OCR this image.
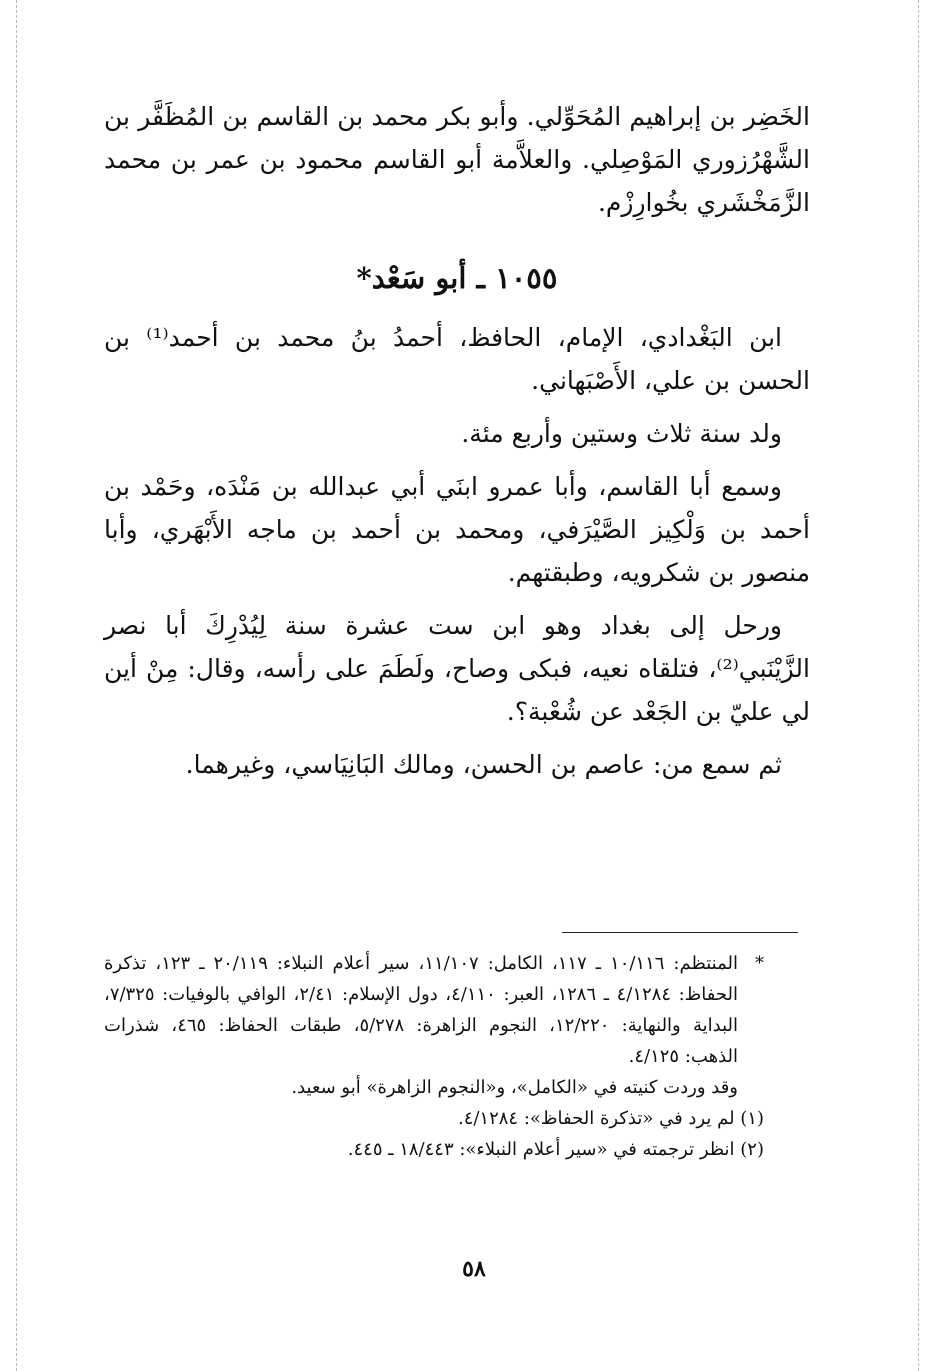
الخَضِر بن إبراهيم المُحَوِّلي. وأبو بكر محمد بن القاسم بن المُظَفَّر بن الشَّهْرُزوري المَوْصِلي. والعلاَّمة أبو القاسم محمود بن عمر بن محمد الزَّمَخْشَري بخُوارِزْم.

١٠٥٥ ـ أبو سَعْد*

ابن البَغْدادي، الإمام، الحافظ، أحمدُ بنُ محمد بن أحمد⁽¹⁾ بن الحسن بن علي، الأَصْبَهاني.

ولد سنة ثلاث وستين وأربع مئة.

وسمع أبا القاسم، وأبا عمرو ابنَي أبي عبدالله بن مَنْدَه، وحَمْد بن أحمد بن وَلْكِيز الصَّيْرَفي، ومحمد بن أحمد بن ماجه الأَبْهَري، وأبا منصور بن شكرويه، وطبقتهم.

ورحل إلى بغداد وهو ابن ست عشرة سنة لِيُدْرِكَ أبا نصر الزَّيْنَبي⁽²⁾، فتلقاه نعيه، فبكى وصاح، ولَطَمَ على رأسه، وقال: مِنْ أين لي عليّ بن الجَعْد عن شُعْبة؟.

ثم سمع من: عاصم بن الحسن، ومالك البَانِيَاسي، وغيرهما.

*
المنتظم: ١٠/١١٦ ـ ١١٧، الكامل: ١١/١٠٧، سير أعلام النبلاء: ٢٠/١١٩ ـ ١٢٣، تذكرة الحفاظ: ٤/١٢٨٤ ـ ١٢٨٦، العبر: ٤/١١٠، دول الإسلام: ٢/٤١، الوافي بالوفيات: ٧/٣٢٥، البداية والنهاية: ١٢/٢٢٠، النجوم الزاهرة: ٥/٢٧٨، طبقات الحفاظ: ٤٦٥، شذرات الذهب: ٤/١٢٥.

وقد وردت كنيته في «الكامل»، و«النجوم الزاهرة» أبو سعيد.

(١) لم يرد في «تذكرة الحفاظ»: ٤/١٢٨٤.

(٢) انظر ترجمته في «سير أعلام النبلاء»: ١٨/٤٤٣ ـ ٤٤٥.

٥٨
